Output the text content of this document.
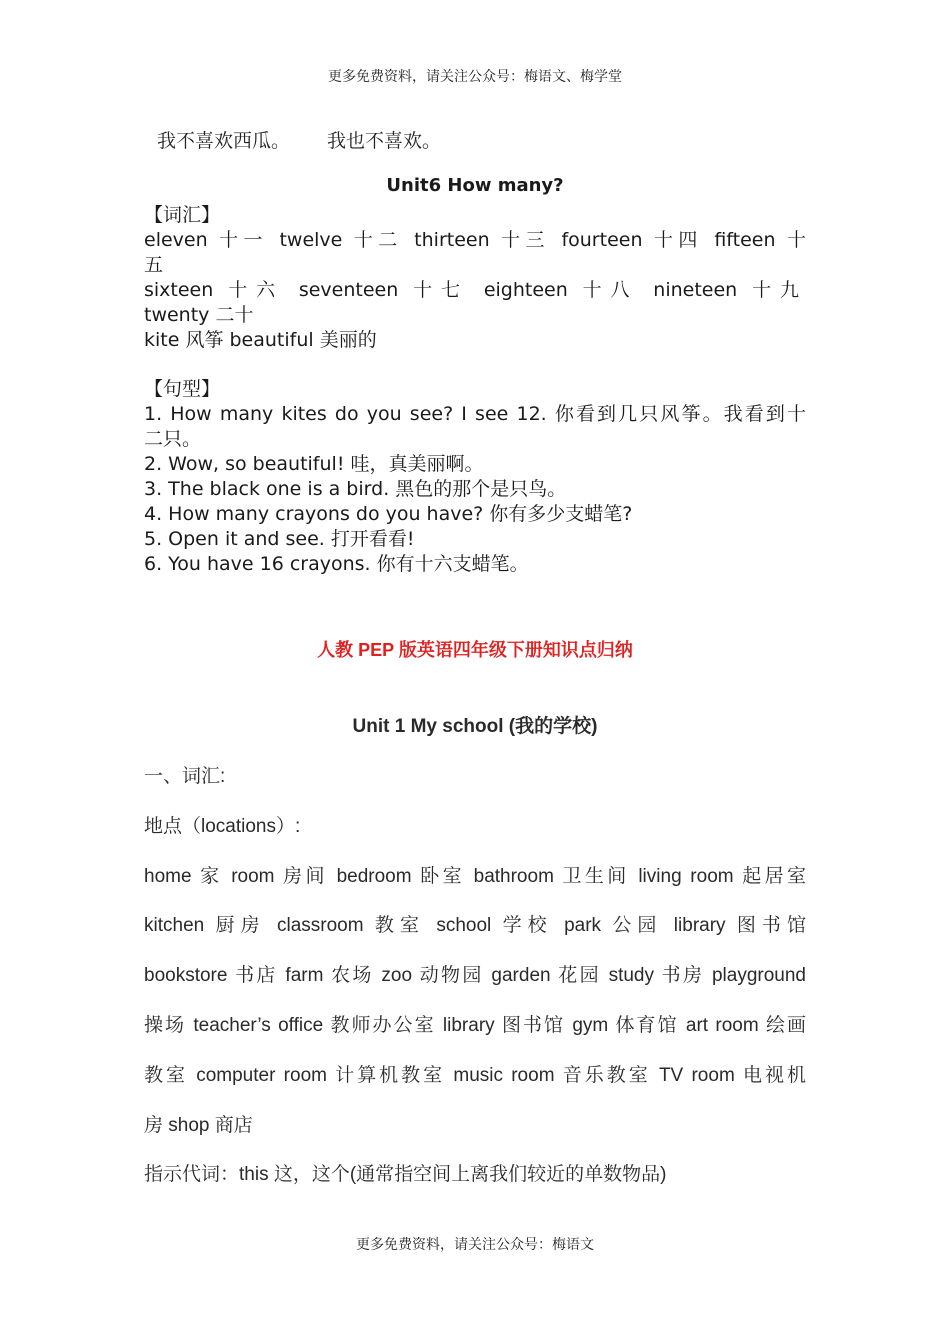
更多免费资料，请关注公众号：梅语文、梅学堂
我不喜欢西瓜。 我也不喜欢。
Unit6 How many?
【词汇】
eleven 十一 twelve 十二 thirteen 十三 fourteen 十四 fifteen 十
五
sixteen 十六 seventeen 十七 eighteen 十八 nineteen 十九
twenty 二十
kite 风筝 beautiful 美丽的
【句型】
1. How many kites do you see? I see 12. 你看到几只风筝。我看到十
二只。
2. Wow, so beautiful! 哇，真美丽啊。
3. The black one is a bird. 黑色的那个是只鸟。
4. How many crayons do you have? 你有多少支蜡笔?
5. Open it and see. 打开看看!
6. You have 16 crayons. 你有十六支蜡笔。
人教 PEP 版英语四年级下册知识点归纳
Unit 1 My school (我的学校)
一、词汇:
地点（locations）:
home 家 room 房间 bedroom 卧室 bathroom 卫生间 living room 起居室
kitchen 厨房 classroom 教室 school 学校 park 公园 library 图书馆
bookstore 书店 farm 农场 zoo 动物园 garden 花园 study 书房 playground
操场 teacher’s office 教师办公室 library 图书馆 gym 体育馆 art room 绘画
教室 computer room 计算机教室 music room 音乐教室 TV room 电视机
房 shop 商店
指示代词：this 这，这个(通常指空间上离我们较近的单数物品)
更多免费资料，请关注公众号：梅语文
